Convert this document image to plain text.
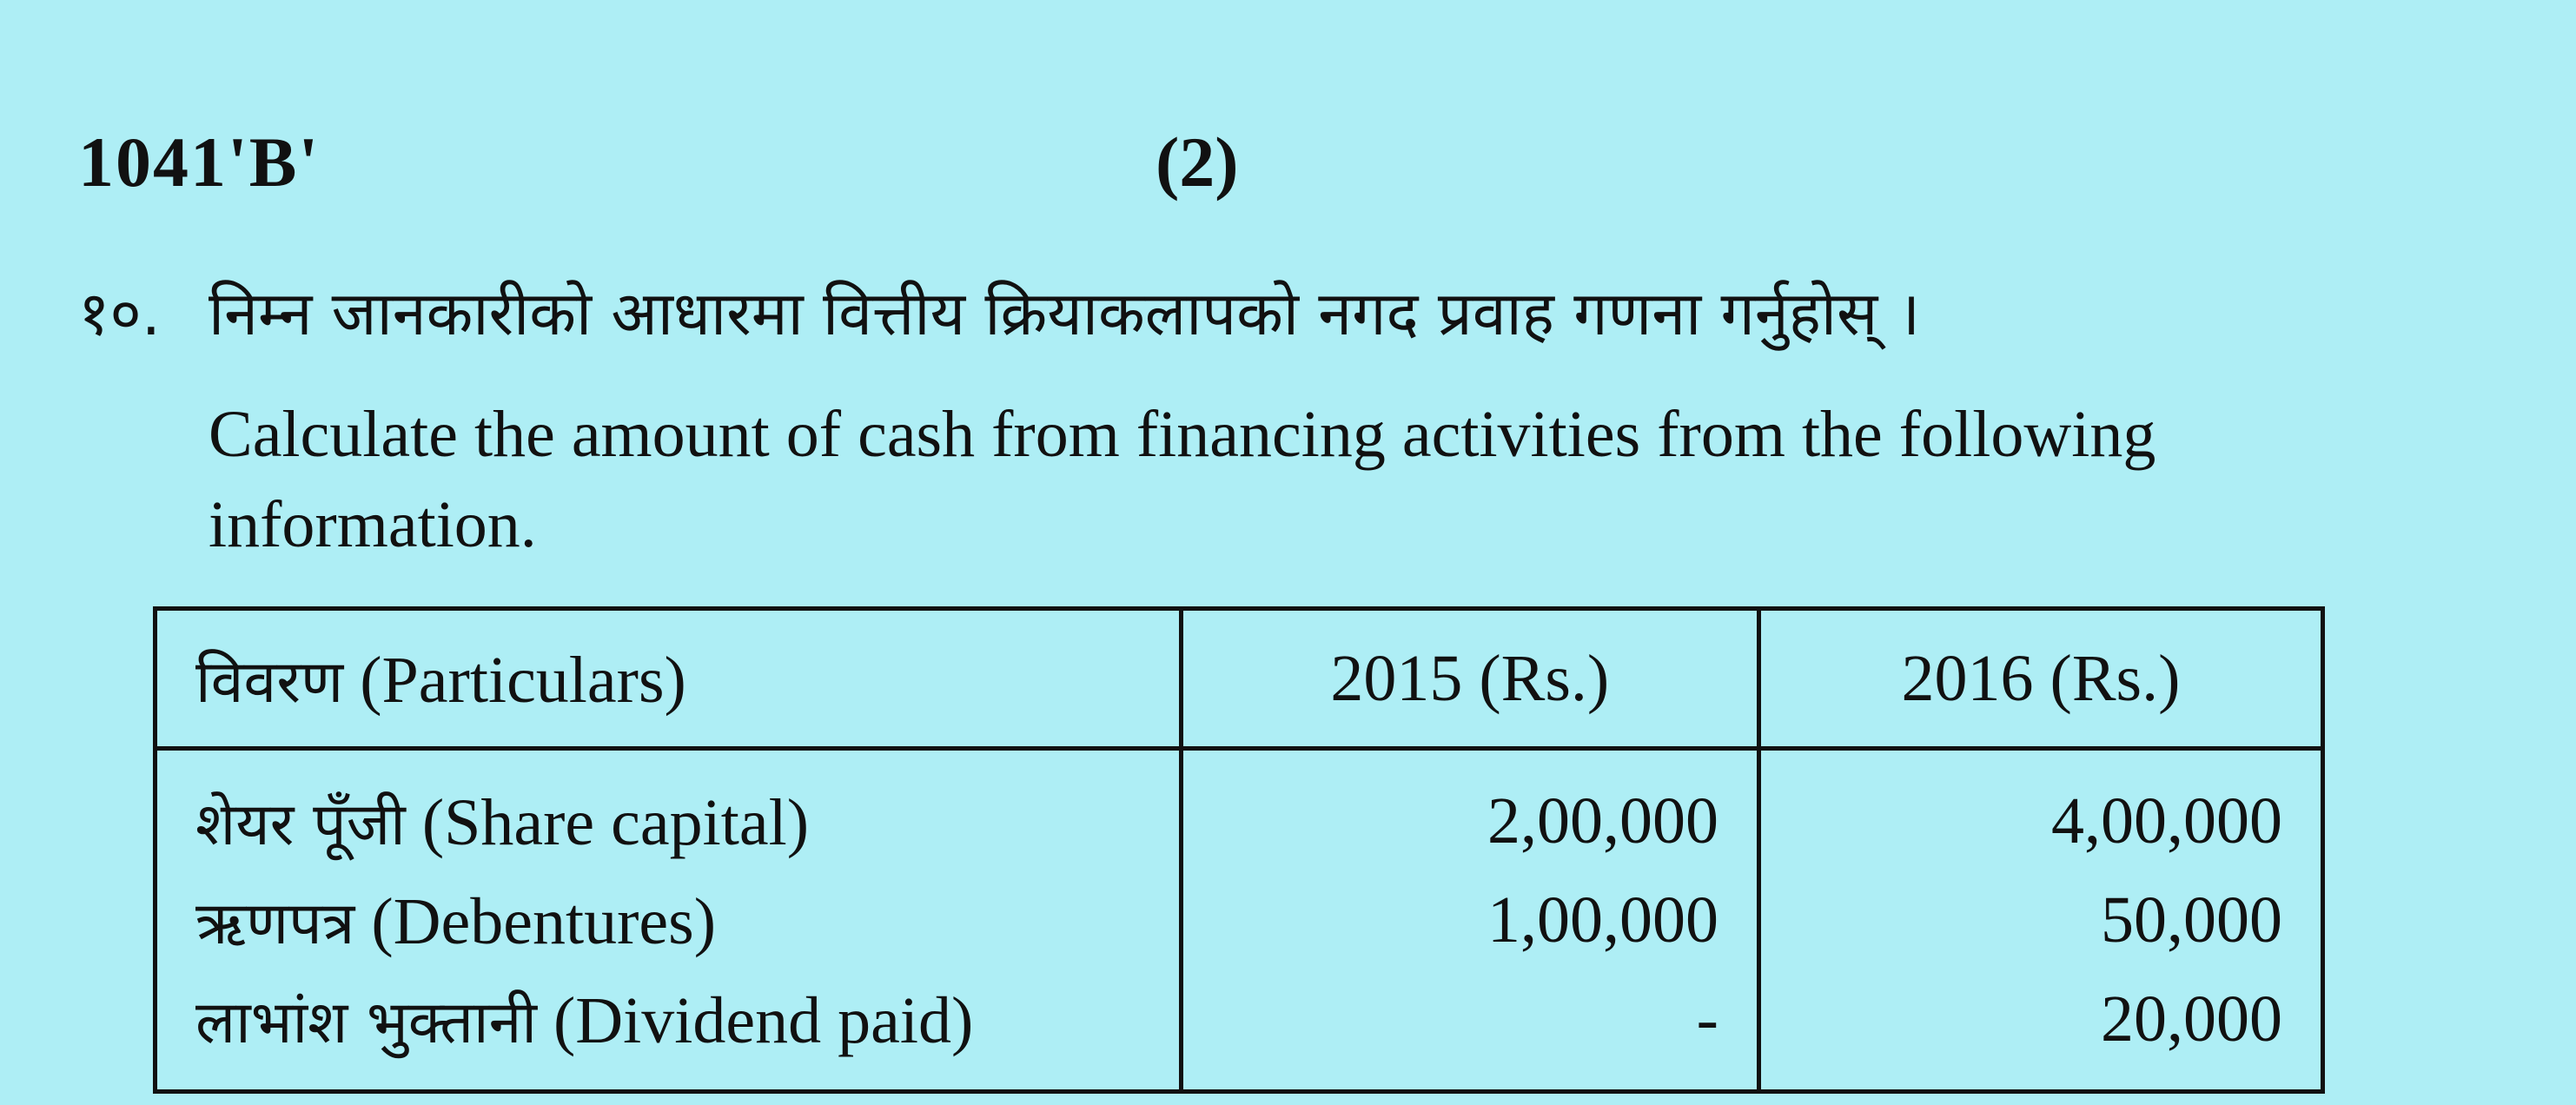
1041'B'	(2)
१०. निम्न जानकारीको आधारमा वित्तीय क्रियाकलापको नगद प्रवाह गणना गर्नुहोस् ।
Calculate the amount of cash from financing activities from the following information.
विवरण (Particulars)	2015 (Rs.)	2016 (Rs.)
शेयर पूँजी (Share capital)	2,00,000	4,00,000
ऋणपत्र (Debentures)	1,00,000	50,000
लाभांश भुक्तानी (Dividend paid)	-	20,000
